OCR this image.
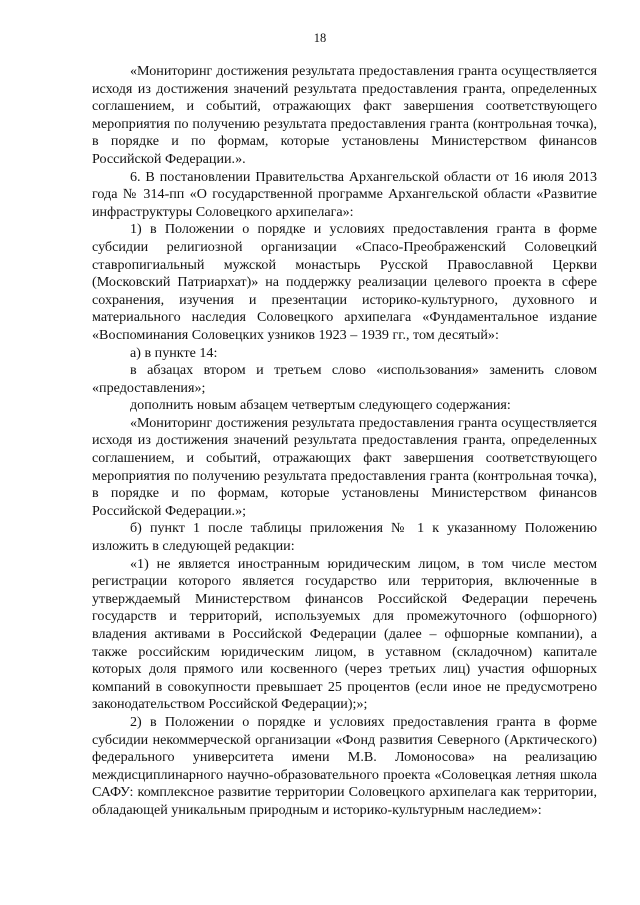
18

«Мониторинг достижения результата предоставления гранта осуществляется исходя из достижения значений результата предоставления гранта, определенных соглашением, и событий, отражающих факт завершения соответствующего мероприятия по получению результата предоставления гранта (контрольная точка), в порядке и по формам, которые установлены Министерством финансов Российской Федерации.».

6. В постановлении Правительства Архангельской области от 16 июля 2013 года № 314-пп «О государственной программе Архангельской области «Развитие инфраструктуры Соловецкого архипелага»:

1) в Положении о порядке и условиях предоставления гранта в форме субсидии религиозной организации «Спасо-Преображенский Соловецкий ставропигиальный мужской монастырь Русской Православной Церкви (Московский Патриархат)» на поддержку реализации целевого проекта в сфере сохранения, изучения и презентации историко-культурного, духовного и материального наследия Соловецкого архипелага «Фундаментальное издание «Воспоминания Соловецких узников 1923 – 1939 гг., том десятый»:

а) в пункте 14:

в абзацах втором и третьем слово «использования» заменить словом «предоставления»;

дополнить новым абзацем четвертым следующего содержания:

«Мониторинг достижения результата предоставления гранта осуществляется исходя из достижения значений результата предоставления гранта, определенных соглашением, и событий, отражающих факт завершения соответствующего мероприятия по получению результата предоставления гранта (контрольная точка), в порядке и по формам, которые установлены Министерством финансов Российской Федерации.»;

б) пункт 1 после таблицы приложения № 1 к указанному Положению изложить в следующей редакции:

«1) не является иностранным юридическим лицом, в том числе местом регистрации которого является государство или территория, включенные в утверждаемый Министерством финансов Российской Федерации перечень государств и территорий, используемых для промежуточного (офшорного) владения активами в Российской Федерации (далее – офшорные компании), а также российским юридическим лицом, в уставном (складочном) капитале которых доля прямого или косвенного (через третьих лиц) участия офшорных компаний в совокупности превышает 25 процентов (если иное не предусмотрено законодательством Российской Федерации);»;

2) в Положении о порядке и условиях предоставления гранта в форме субсидии некоммерческой организации «Фонд развития Северного (Арктического) федерального университета имени М.В. Ломоносова» на реализацию междисциплинарного научно-образовательного проекта «Соловецкая летняя школа САФУ: комплексное развитие территории Соловецкого архипелага как территории, обладающей уникальным природным и историко-культурным наследием»:
